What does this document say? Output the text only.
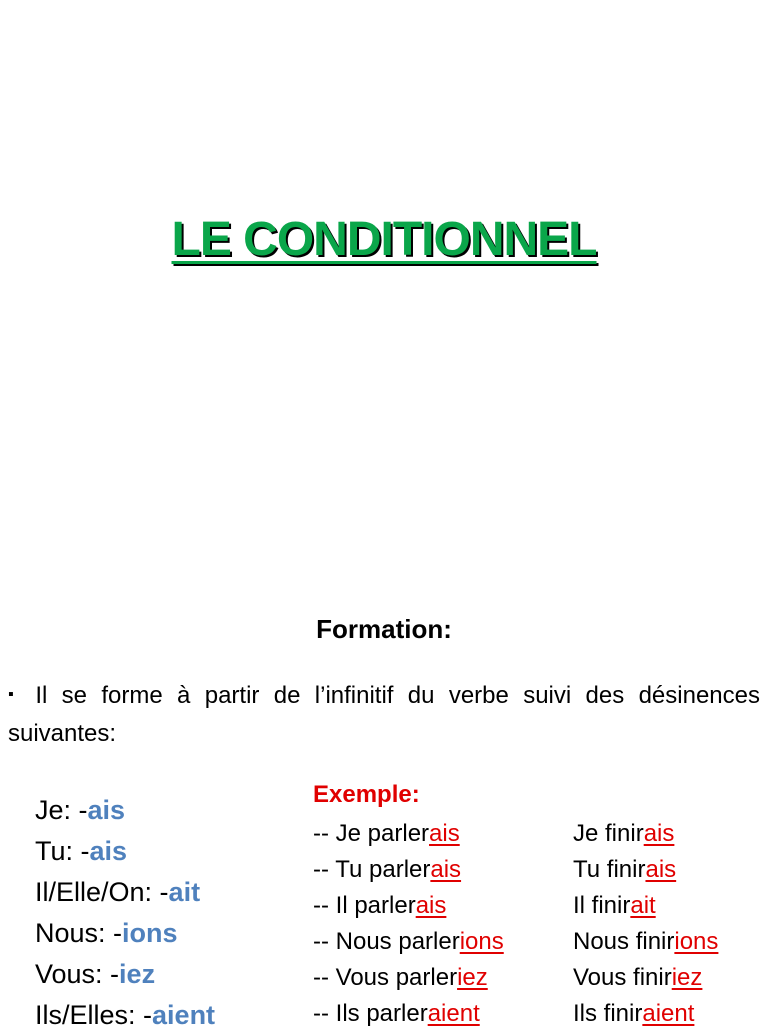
LE CONDITIONNEL
Formation:
▪ Il se forme à partir de l’infinitif du verbe suivi des désinences suivantes:
Je: -ais
Tu: -ais
Il/Elle/On: -ait
Nous: -ions
Vous: -iez
Ils/Elles: -aient
Exemple:
-- Je parlerais
-- Tu parlerais
-- Il parlerais
-- Nous parlerions
-- Vous parleriez
-- Ils parleraient
Je finirais
Tu finirais
Il finirait
Nous finirions
Vous finiriez
Ils finiraient
